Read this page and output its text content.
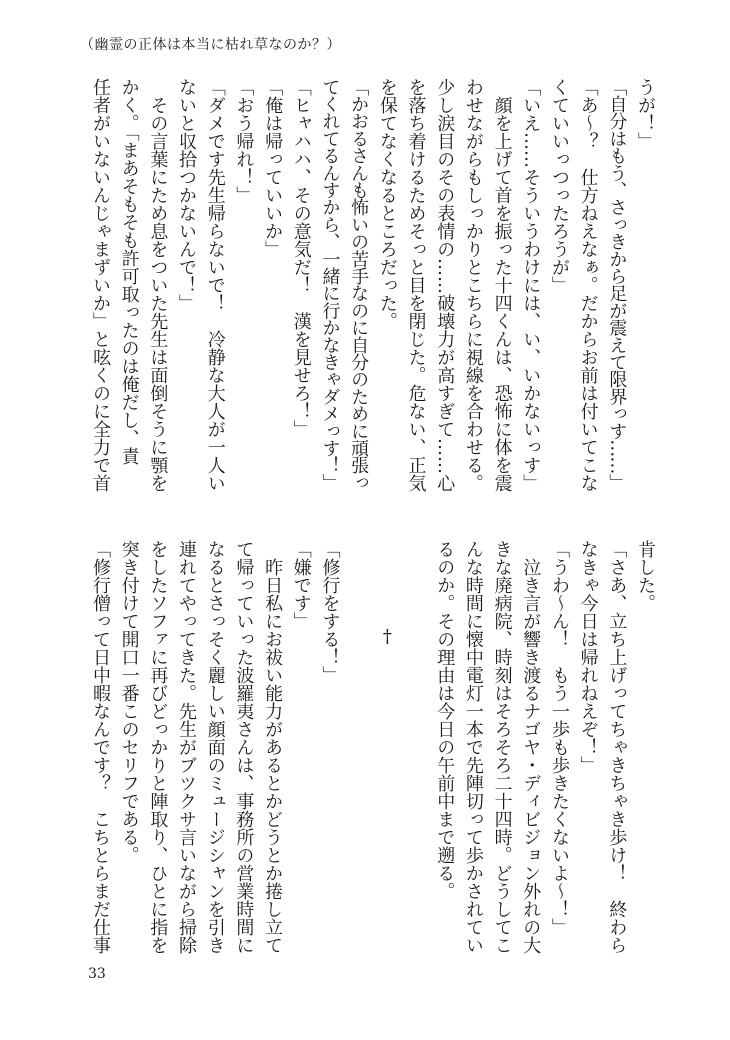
（幽霊の正体は本当に枯れ草なのか？）
うが！」
「自分はもう、さっきから足が震えて限界っす……」
「あ〜？　仕方ねえなぁ。だからお前は付いてこな
くていいっつったろうが」
「いえ……そういうわけには、い、いかないっす」
　顔を上げて首を振った十四くんは、恐怖に体を震
わせながらもしっかりとこちらに視線を合わせる。
少し涙目のその表情の……破壊力が高すぎて……心
を落ち着けるためそっと目を閉じた。危ない、正気
を保てなくなるところだった。
「かおるさんも怖いの苦手なのに自分のために頑張っ
てくれてるんすから、一緒に行かなきゃダメっす！」
「ヒャハハ、その意気だ！　漢を見せろ！」
「俺は帰っていいか」
「おう帰れ！」
「ダメです先生帰らないで！　冷静な大人が一人い
ないと収拾つかないんで！」
　その言葉にため息をついた先生は面倒そうに顎を
かく。「まあそもそも許可取ったのは俺だし、責
任者がいないんじゃまずいか」と呟くのに全力で首
肯した。
「さあ、立ち上げってちゃきちゃき歩け！　終わら
なきゃ今日は帰れねえぞ！」
「うわ〜ん！　もう一歩も歩きたくないよ〜！」
　泣き言が響き渡るナゴヤ・ディビジョン外れの大
きな廃病院、時刻はそろそろ二十四時。どうしてこ
んな時間に懐中電灯一本で先陣切って歩かされてい
るのか。その理由は今日の午前中まで遡る。
†
「修行をする！」
「嫌です」
　昨日私にお祓い能力があるとかどうとか捲し立て
て帰っていった波羅夷さんは、事務所の営業時間に
なるとさっそく麗しい顔面のミュージシャンを引き
連れてやってきた。先生がブツクサ言いながら掃除
をしたソファに再びどっかりと陣取り、ひとに指を
突き付けて開口一番このセリフである。
「修行僧って日中暇なんです？　こちとらまだ仕事
33
